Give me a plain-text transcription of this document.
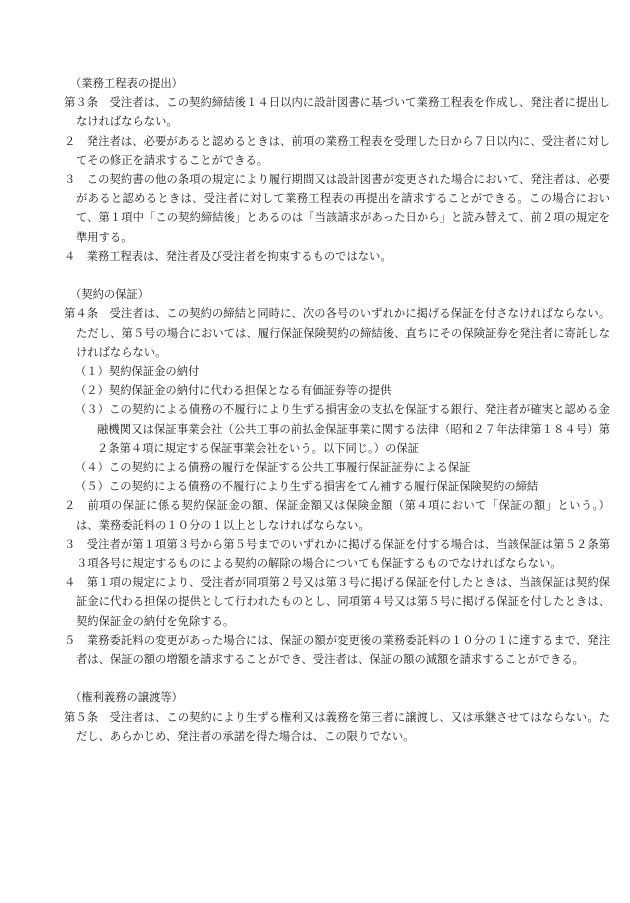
（業務工程表の提出）
第３条　受注者は、この契約締結後１４日以内に設計図書に基づいて業務工程表を作成し、発注者に提出しなければならない。
２　発注者は、必要があると認めるときは、前項の業務工程表を受理した日から７日以内に、受注者に対してその修正を請求することができる。
３　この契約書の他の条項の規定により履行期間又は設計図書が変更された場合において、発注者は、必要があると認めるときは、受注者に対して業務工程表の再提出を請求することができる。この場合において、第１項中「この契約締結後」とあるのは「当該請求があった日から」と読み替えて、前２項の規定を準用する。
４　業務工程表は、発注者及び受注者を拘束するものではない。
（契約の保証）
第４条　受注者は、この契約の締結と同時に、次の各号のいずれかに掲げる保証を付さなければならない。ただし、第５号の場合においては、履行保証保険契約の締結後、直ちにその保険証券を発注者に寄託しなければならない。
（１）契約保証金の納付
（２）契約保証金の納付に代わる担保となる有価証券等の提供
（３）この契約による債務の不履行により生ずる損害金の支払を保証する銀行、発注者が確実と認める金融機関又は保証事業会社（公共工事の前払金保証事業に関する法律（昭和２７年法律第１８４号）第２条第４項に規定する保証事業会社をいう。以下同じ。）の保証
（４）この契約による債務の履行を保証する公共工事履行保証証券による保証
（５）この契約による債務の不履行により生ずる損害をてん補する履行保証保険契約の締結
２　前項の保証に係る契約保証金の額、保証金額又は保険金額（第４項において「保証の額」という。）は、業務委託料の１０分の１以上としなければならない。
３　受注者が第１項第３号から第５号までのいずれかに掲げる保証を付する場合は、当該保証は第５２条第３項各号に規定するものによる契約の解除の場合についても保証するものでなければならない。
４　第１項の規定により、受注者が同項第２号又は第３号に掲げる保証を付したときは、当該保証は契約保証金に代わる担保の提供として行われたものとし、同項第４号又は第５号に掲げる保証を付したときは、契約保証金の納付を免除する。
５　業務委託料の変更があった場合には、保証の額が変更後の業務委託料の１０分の１に達するまで、発注者は、保証の額の増額を請求することができ、受注者は、保証の額の減額を請求することができる。
（権利義務の譲渡等）
第５条　受注者は、この契約により生ずる権利又は義務を第三者に譲渡し、又は承継させてはならない。ただし、あらかじめ、発注者の承諾を得た場合は、この限りでない。
